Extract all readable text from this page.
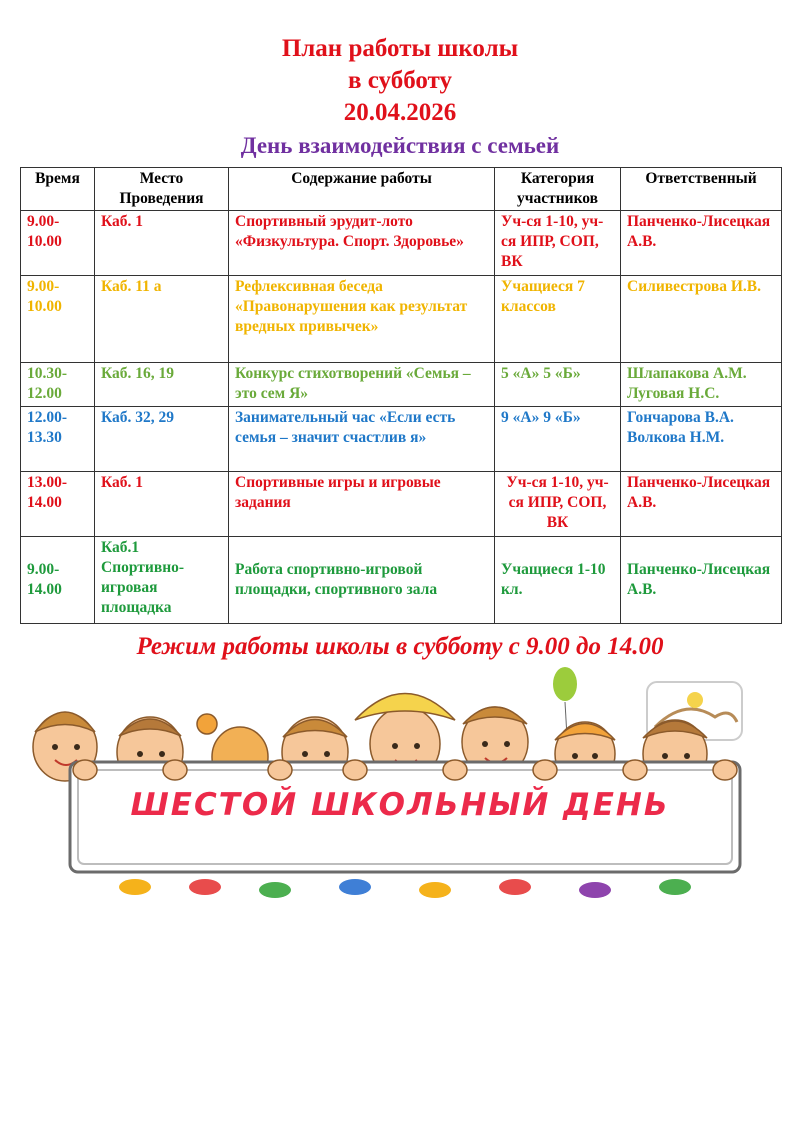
План работы школы
в субботу
20.04.2026
День взаимодействия с семьей
Время	Место Проведения	Содержание работы	Категория участников	Ответственный
9.00-10.00	Каб. 1	Спортивный эрудит-лото «Физкультура. Спорт. Здоровье»	Уч-ся 1-10, уч-ся ИПР, СОП, ВК	Панченко-Лисецкая А.В.
9.00-10.00	Каб. 11 а	Рефлексивная беседа «Правонарушения как результат вредных привычек»	Учащиеся 7 классов	Силивестрова И.В.
10.30-12.00	Каб. 16, 19	Конкурс стихотворений «Семья – это сем Я»	5 «А» 5 «Б»	Шлапакова А.М. Луговая Н.С.
12.00-13.30	Каб. 32, 29	Занимательный час «Если есть семья – значит счастлив я»	9 «А» 9 «Б»	Гончарова В.А. Волкова Н.М.
13.00-14.00	Каб. 1	Спортивные игры и игровые задания	Уч-ся 1-10, уч-ся ИПР, СОП, ВК	Панченко-Лисецкая А.В.
9.00-14.00	Каб.1 Спортивно-игровая площадка	Работа спортивно-игровой площадки, спортивного зала	Учащиеся 1-10 кл.	Панченко-Лисецкая А.В.
Режим работы школы в субботу с 9.00 до 14.00
ШЕСТОЙ ШКОЛЬНЫЙ ДЕНЬ
